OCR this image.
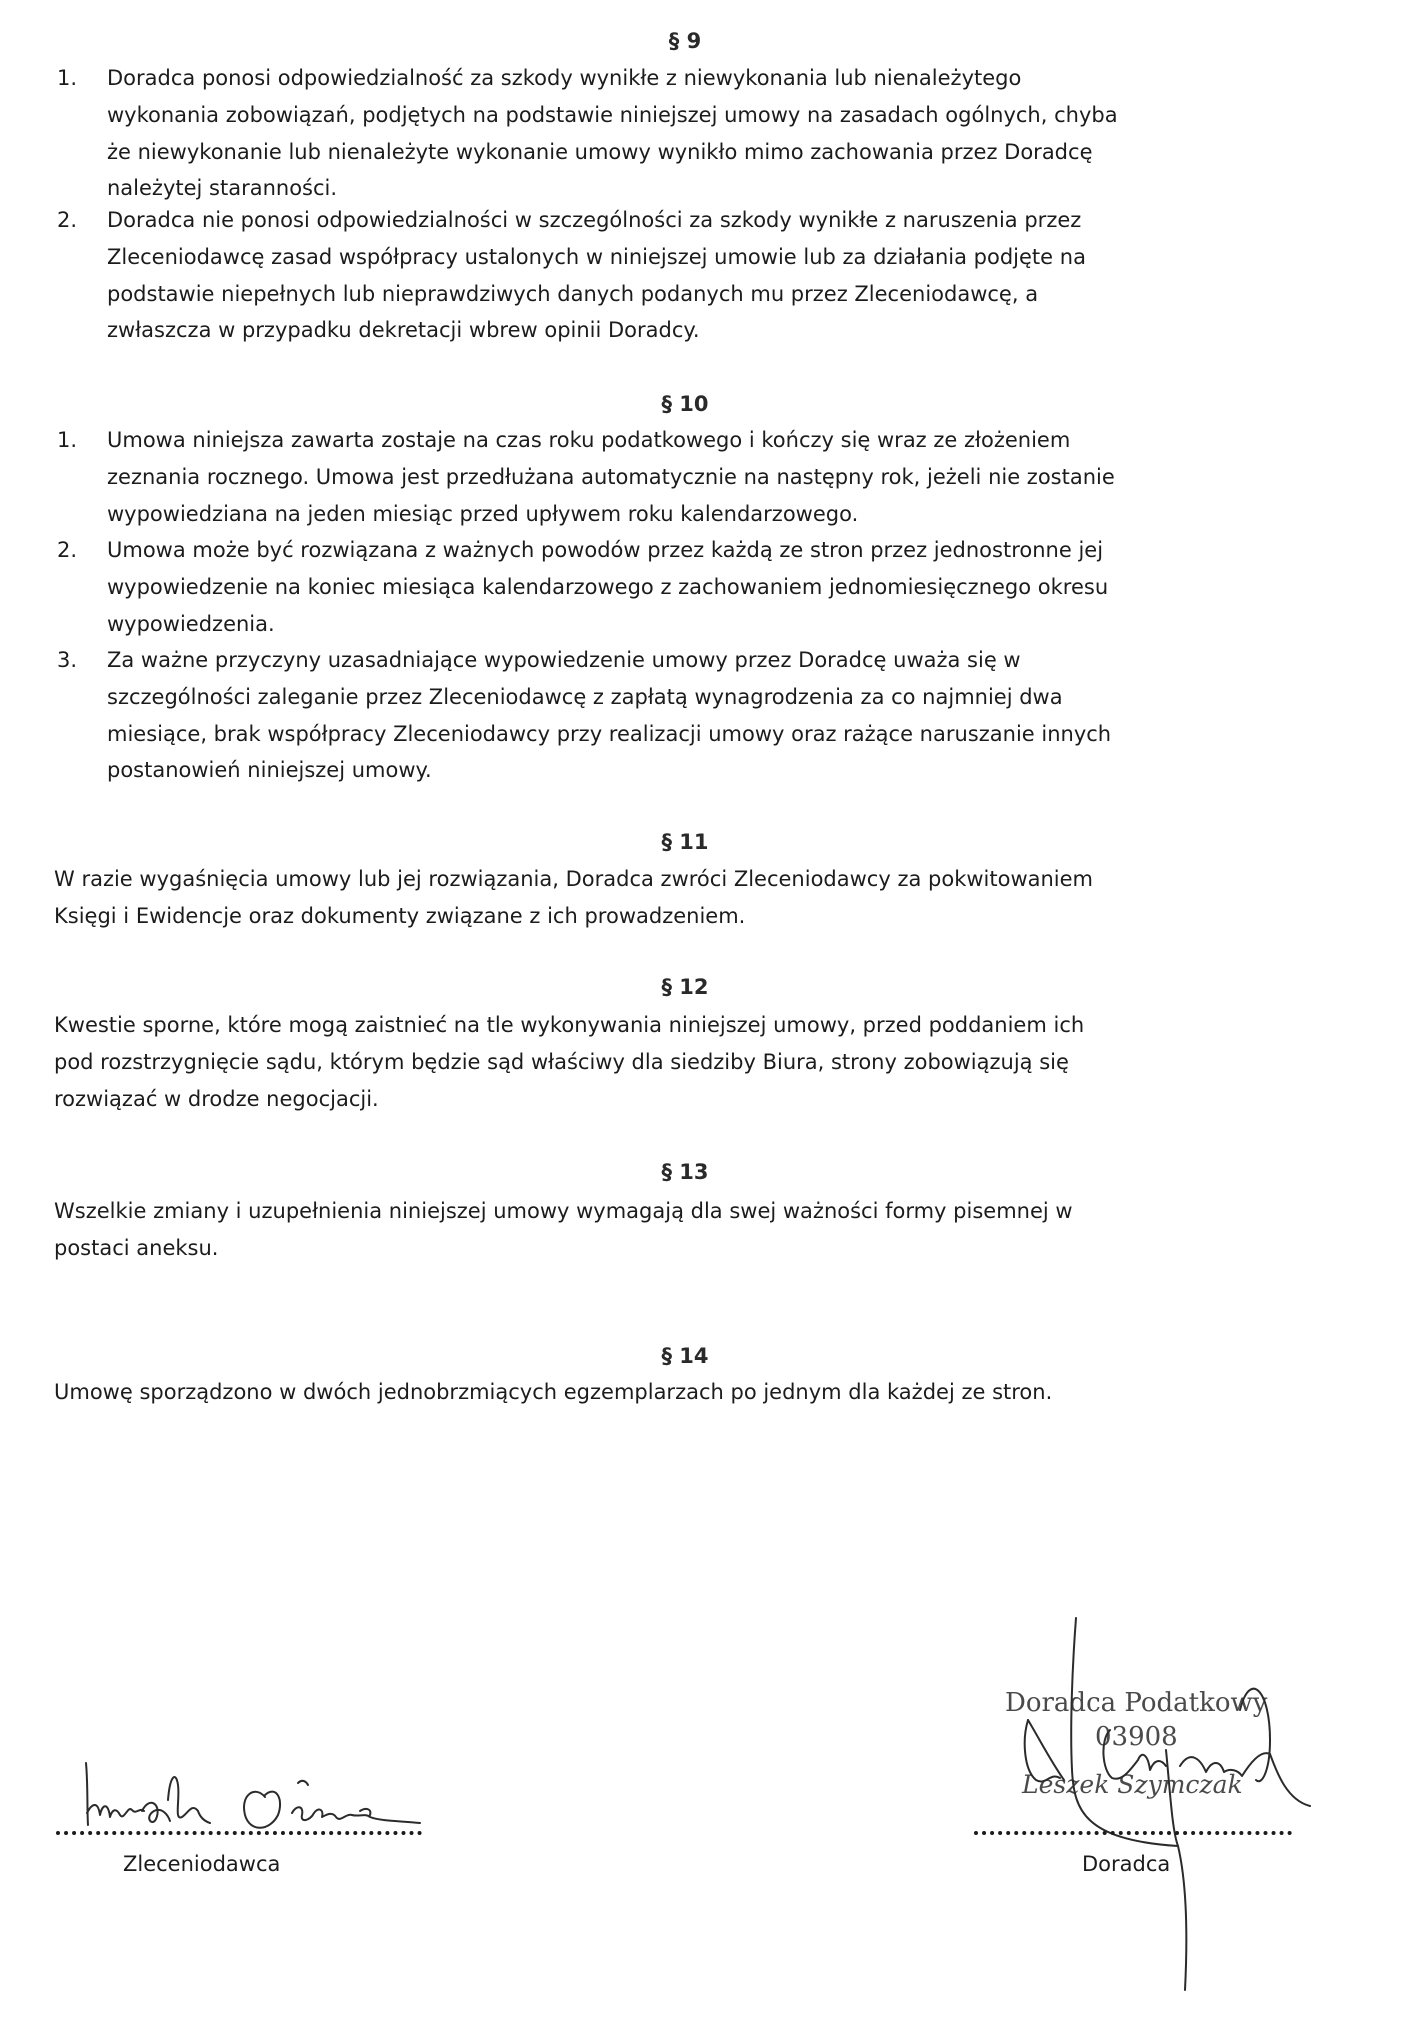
§ 9
1. Doradca ponosi odpowiedzialność za szkody wynikłe z niewykonania lub nienależytego
wykonania zobowiązań, podjętych na podstawie niniejszej umowy na zasadach ogólnych, chyba
że niewykonanie lub nienależyte wykonanie umowy wynikło mimo zachowania przez Doradcę
należytej staranności.
2. Doradca nie ponosi odpowiedzialności w szczególności za szkody wynikłe z naruszenia przez
Zleceniodawcę zasad współpracy ustalonych w niniejszej umowie lub za działania podjęte na
podstawie niepełnych lub nieprawdziwych danych podanych mu przez Zleceniodawcę, a
zwłaszcza w przypadku dekretacji wbrew opinii Doradcy.
§ 10
1. Umowa niniejsza zawarta zostaje na czas roku podatkowego i kończy się wraz ze złożeniem
zeznania rocznego. Umowa jest przedłużana automatycznie na następny rok, jeżeli nie zostanie
wypowiedziana na jeden miesiąc przed upływem roku kalendarzowego.
2. Umowa może być rozwiązana z ważnych powodów przez każdą ze stron przez jednostronne jej
wypowiedzenie na koniec miesiąca kalendarzowego z zachowaniem jednomiesięcznego okresu
wypowiedzenia.
3. Za ważne przyczyny uzasadniające wypowiedzenie umowy przez Doradcę uważa się w
szczególności zaleganie przez Zleceniodawcę z zapłatą wynagrodzenia za co najmniej dwa
miesiące, brak współpracy Zleceniodawcy przy realizacji umowy oraz rażące naruszanie innych
postanowień niniejszej umowy.
§ 11
W razie wygaśnięcia umowy lub jej rozwiązania, Doradca zwróci Zleceniodawcy za pokwitowaniem
Księgi i Ewidencje oraz dokumenty związane z ich prowadzeniem.
§ 12
Kwestie sporne, które mogą zaistnieć na tle wykonywania niniejszej umowy, przed poddaniem ich
pod rozstrzygnięcie sądu, którym będzie sąd właściwy dla siedziby Biura, strony zobowiązują się
rozwiązać w drodze negocjacji.
§ 13
Wszelkie zmiany i uzupełnienia niniejszej umowy wymagają dla swej ważności formy pisemnej w
postaci aneksu.
§ 14
Umowę sporządzono w dwóch jednobrzmiących egzemplarzach po jednym dla każdej ze stron.
Zleceniodawca
Doradca Podatkowy
03908
Leszek Szymczak
Doradca
